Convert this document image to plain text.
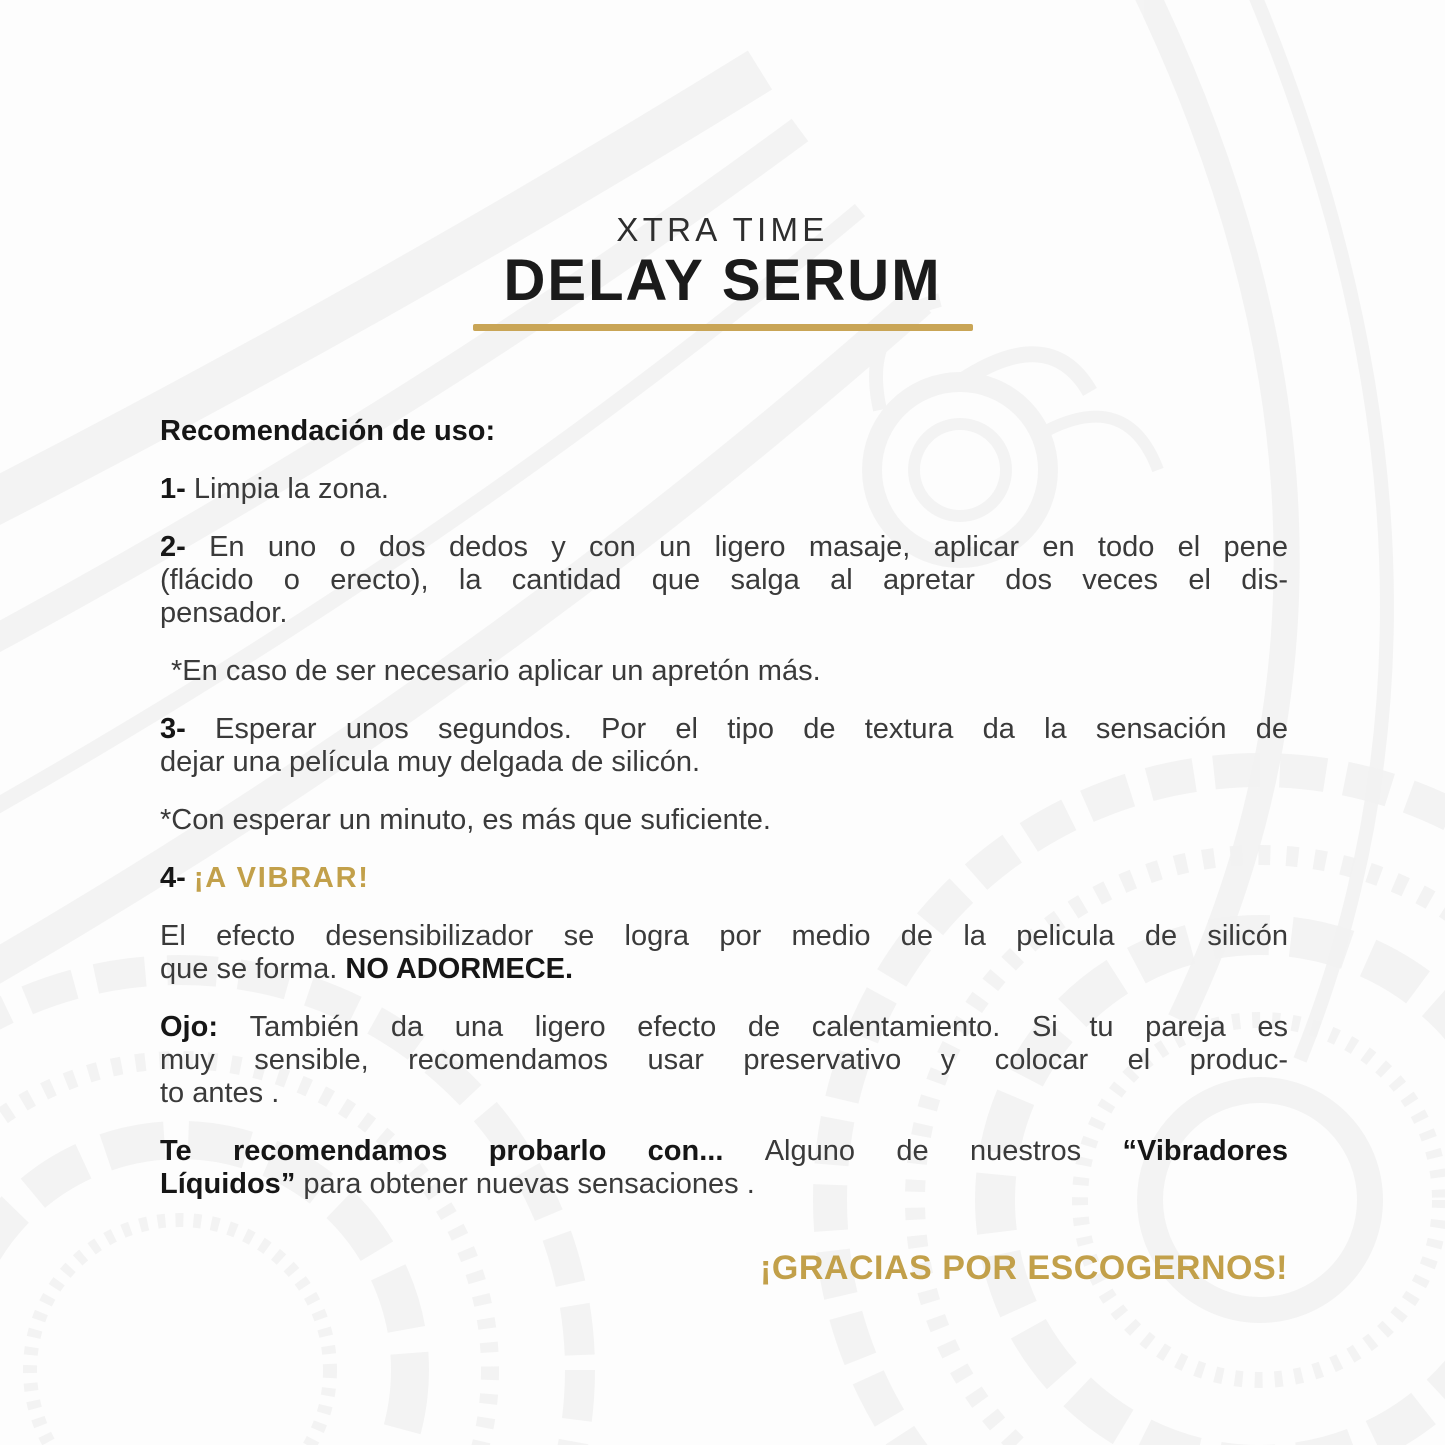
XTRA TIME
DELAY SERUM
Recomendación de uso:
1- Limpia la zona.
2- En uno o dos dedos y con un ligero masaje, aplicar en todo el pene
(flácido o erecto), la cantidad que salga al apretar dos veces el dis-
pensador.
*En caso de ser necesario aplicar un apretón más.
3- Esperar unos segundos. Por el tipo de textura da la sensación de
dejar una película muy delgada de silicón.
*Con esperar un minuto, es más que suficiente.
4- ¡A VIBRAR!
El efecto desensibilizador se logra por medio de la pelicula de silicón
que se forma. NO ADORMECE.
Ojo: También da una ligero efecto de calentamiento. Si tu pareja es
muy sensible, recomendamos usar preservativo y colocar el produc-
to antes .
Te recomendamos probarlo con... Alguno de nuestros “Vibradores
Líquidos” para obtener nuevas sensaciones .
¡GRACIAS POR ESCOGERNOS!
